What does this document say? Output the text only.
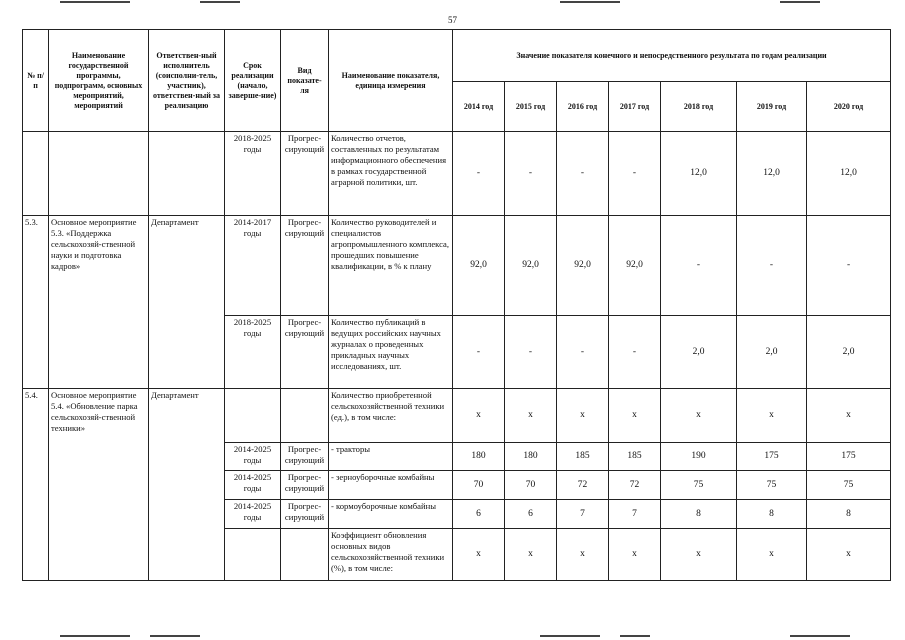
57
№ п/п	Наименование государственной программы, подпрограмм, основных мероприятий, мероприятий	Ответствен-ный исполнитель (соисполни-тель, участник), ответствен-ный за реализацию	Срок реализации (начало, заверше-ние)	Вид показате-ля	Наименование показателя, единица измерения	Значение показателя конечного и непосредственного результата по годам реализации						
						2014 год	2015 год	2016 год	2017 год	2018 год	2019 год	2020 год
			2018-2025 годы	Прогрес-сирующий	Количество отчетов, составленных по результатам информационного обеспечения в рамках государственной аграрной политики, шт.	-	-	-	-	12,0	12,0	12,0
5.3.	Основное мероприятие 5.3. «Поддержка сельскохозяй-ственной науки и подготовка кадров»	Департамент	2014-2017 годы	Прогрес-сирующий	Количество руководителей и специалистов агропромышленного комплекса, прошедших повышение квалификации, в % к плану	92,0	92,0	92,0	92,0	-	-	-
			2018-2025 годы	Прогрес-сирующий	Количество публикаций в ведущих российских научных журналах о проведенных прикладных научных исследованиях, шт.	-	-	-	-	2,0	2,0	2,0
5.4.	Основное мероприятие 5.4. «Обновление парка сельскохозяй-ственной техники»	Департамент			Количество приобретенной сельскохозяйственной техники (ед.), в том числе:	х	х	х	х	х	х	х
			2014-2025 годы	Прогрес-сирующий	- тракторы	180	180	185	185	190	175	175
			2014-2025 годы	Прогрес-сирующий	- зерноуборочные комбайны	70	70	72	72	75	75	75
			2014-2025 годы	Прогрес-сирующий	- кормоуборочные комбайны	6	6	7	7	8	8	8
					Коэффициент обновления основных видов сельскохозяйственной техники (%), в том числе:	х	х	х	х	х	х	х
